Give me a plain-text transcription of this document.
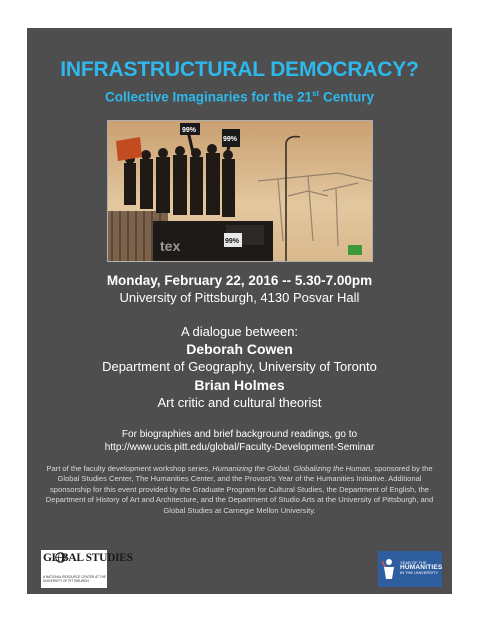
INFRASTRUCTURAL DEMOCRACY?
Collective Imaginaries for the 21st Century
tex
99%
99%
99%
Monday, February 22, 2016 -- 5.30-7.00pm
University of Pittsburgh, 4130 Posvar Hall
A dialogue between:
Deborah Cowen
Department of Geography, University of Toronto
Brian Holmes
Art critic and cultural theorist
For biographies and brief background readings, go to
http://www.ucis.pitt.edu/global/Faculty-Development-Seminar
Part of the faculty development workshop series, Humanizing the Global, Globalizing the Human, sponsored by the Global Studies Center, The Humanities Center, and the Provost’s Year of the Humanities Initiative. Additional sponsorship for this event provided by the Graduate Program for Cultural Studies, the Department of English, the Department of History of Art and Architecture, and the Department of Studio Arts at the University of Pittsburgh, and Global Studies at Carnegie Mellon University.
GL BAL STUDIES
A NATIONAL RESOURCE CENTER AT THE
UNIVERSITY OF PITTSBURGH
YEAR OF THE
HUMANITIES
IN THE UNIVERSITY
